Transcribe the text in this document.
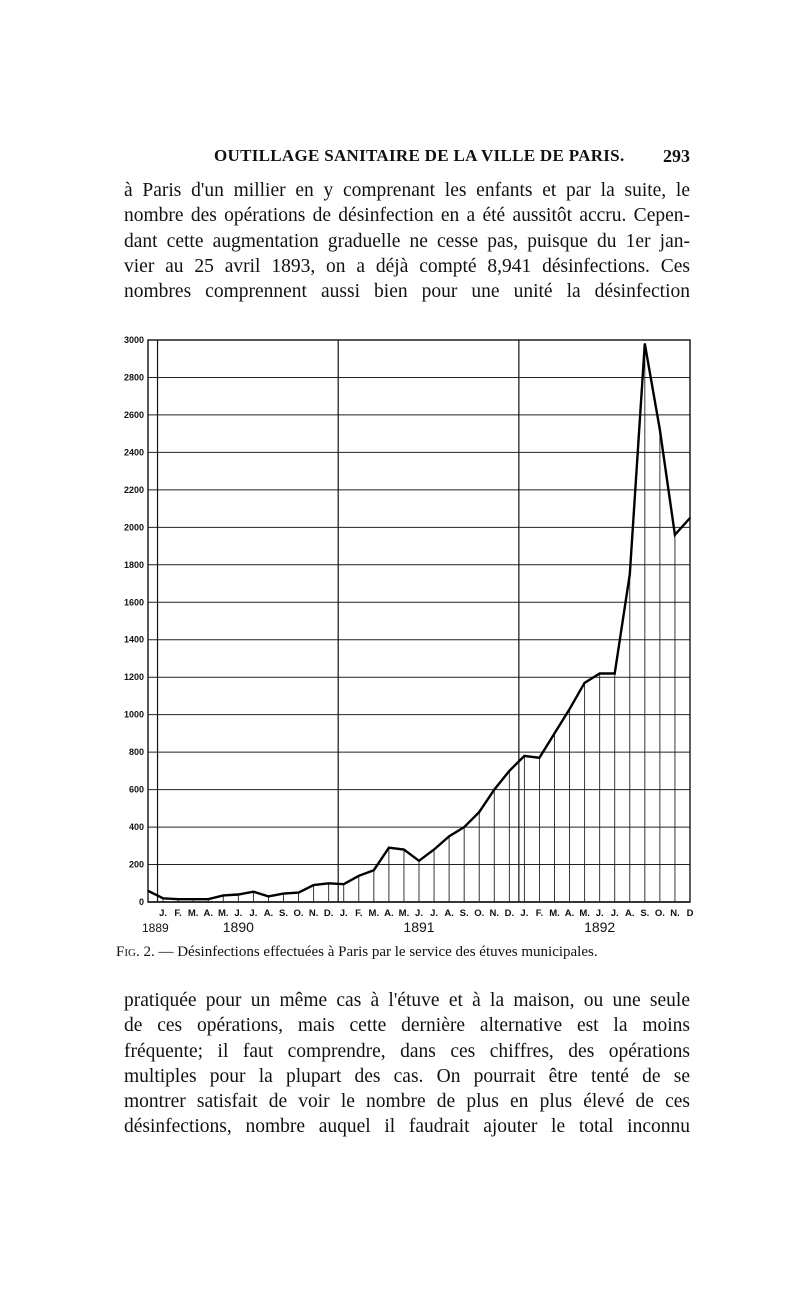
OUTILLAGE SANITAIRE DE LA VILLE DE PARIS. 293
à Paris d'un millier en y comprenant les enfants et par la suite, le
nombre des opérations de désinfection en a été aussitôt accru. Cepen-
dant cette augmentation graduelle ne cesse pas, puisque du 1er jan-
vier au 25 avril 1893, on a déjà compté 8,941 désinfections. Ces
nombres comprennent aussi bien pour une unité la désinfection
0
200
400
600
800
1000
1200
1400
1600
1800
2000
2200
2400
2600
2800
3000
J. F. M. A. M. J. J. A. S. O. N. D. J. F. M. A. M. J. J. A. S. O. N. D. J. F. M. A. M. J. J. A. S. O. N. D
1889	1890	1891	1892
Fig. 2. — Désinfections effectuées à Paris par le service des étuves municipales.
pratiquée pour un même cas à l'étuve et à la maison, ou une seule
de ces opérations, mais cette dernière alternative est la moins
fréquente; il faut comprendre, dans ces chiffres, des opérations
multiples pour la plupart des cas. On pourrait être tenté de se
montrer satisfait de voir le nombre de plus en plus élevé de ces
désinfections, nombre auquel il faudrait ajouter le total inconnu
